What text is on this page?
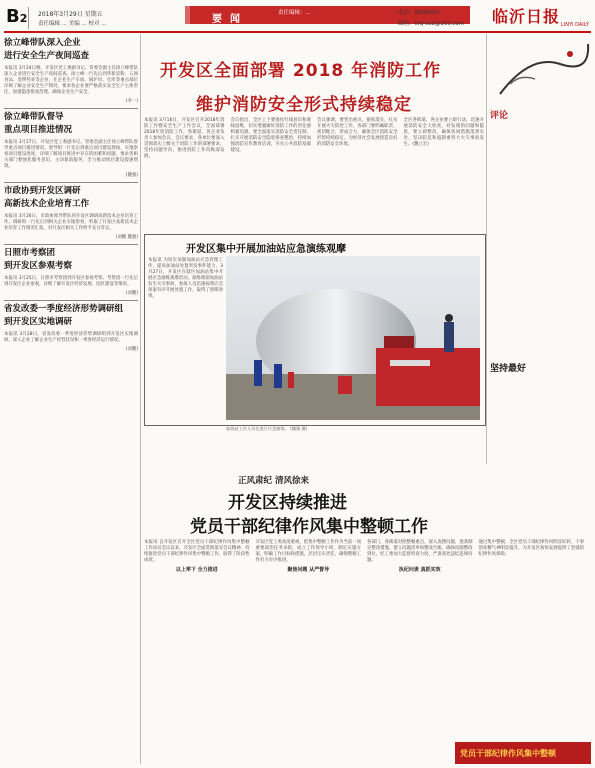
B2 2018年3月29日 星期五
责任编辑 ... 美编 ... 校对 ...	要闻
责任编辑：...	电话：8800500
邮箱：kfq-xcb@163.com 临沂日报 LINYI DAILY
徐立峰带队深入企业
进行安全生产夜间巡查
本报讯 3月24日晚，开发区党工委副书记、管委会副主任徐立峰带队深入企业进行安全生产夜间巡查。徐立峰一行先后到华新淀粉、五洲食品、金锣药业等企业，在企业生产车间、锅炉房、仓库等重点部位详细了解企业安全生产情况，要求各企业要严格落实安全生产主体责任，加强隐患排查治理，确保企业生产安全。
(李一)
徐立峰带队督导
重点项目推进情况
本报讯 3月27日，开发区党工委副书记、管委会副主任徐立峰带队督导重点项目推进情况。督导组一行先后到重点项目建设现场，实地察看项目建设进度，详细了解项目推进中存在的困难和问题，要求各相关部门要强化服务意识，主动靠前服务，全力推动项目建设提速增效。
(魏强)
市政协到开发区调研
高新技术企业培育工作
本报讯 3月26日，市政协领导带队到开发区调研高新技术企业培育工作。调研组一行先后到相关企业实地察看，听取了开发区高新技术企业培育工作情况汇报，对开发区相关工作给予充分肯定。
(刘鹏 魏强)
日照市考察团
到开发区参观考察
本报讯 3月25日，日照市考察团到开发区参观考察。考察团一行先后到开发区企业参观，详细了解开发区经济发展、园区建设等情况。
(刘鹏)
省发改委一季度经济形势调研组
到开发区实地调研
本报讯 3月28日，省发改委一季度经济形势调研组到开发区实地调研，深入企业了解企业生产经营状况和一季度经济运行情况。
(刘鹏)
开发区全面部署 2018 年消防工作
维护消防安全形式持续稳定
本报讯 3月16日，开发区召开2018年消防工作暨安全生产工作会议，全面部署2018年度消防工作，各街道、各企业负责人参加会议。会议要求，各单位要深入贯彻落实上级关于消防工作的部署要求，坚持问题导向，推进消防工作向纵深发展。
会议指出，全区上下要强化红线意识和底线思维，切实增强做好消防工作的责任感和紧迫感。要全面落实消防安全责任制，扎实开展消防安全隐患排查整治，持续加强消防宣传教育培训，夯实公共消防基础建设。
会议强调，要突出重点，狠抓落实，扎实开展火灾防控工作。各部门要明确职责、密切配合、形成合力，确保全区消防安全形势持续稳定，为经济社会发展创造良好的消防安全环境。
全区各街道、各企业要立即行动，迅速开展消防安全大检查，对发现的问题和隐患，要立即整改，确保各项措施落到实处，坚决防范和遏制重特大火灾事故发生。(魏立宏)
开发区集中开展加油站应急演练观摩
本报讯 为切实加强加油站应急管理工作，提高加油站处置突发事件能力，3月27日，开发区在辖区加油站集中开展应急演练观摩活动。演练模拟加油站发生火灾事故，参演人员迅速按照应急预案有序开展处置工作，取得了预期效果。
加油站工作人员在进行应急演练。 (魏强 摄)
正风肃纪 清风徐来
开发区持续推进
党员干部纪律作风集中整顿工作
本报讯 自开发区召开全区党员干部纪律作风集中整顿工作动员会议以来，开发区全面贯彻落实会议精神，持续推进党员干部纪律作风集中整顿工作，取得了阶段性成效。
以上率下 全力推进
开发区党工委高度重视，把集中整顿工作作为当前一项重要政治任务来抓，成立工作领导小组，制定实施方案，明确工作目标和措施，层层压实责任，确保整顿工作有力有序推进。
聚焦问题 从严督导
各部门、各街道对照整顿重点，深入查摆问题，逐条制定整改措施，建立问题清单和整改台账，确保问题整改到位。纪工委加大监督检查力度，严肃查处违纪违规问题。
执纪问责 真抓实效
通过集中整顿，全区党员干部纪律作风明显好转，干事创业精气神明显提升，为开发区加快发展提供了坚强的纪律作风保障。
评论
坚持最好
党员干部纪律作风集中整顿
